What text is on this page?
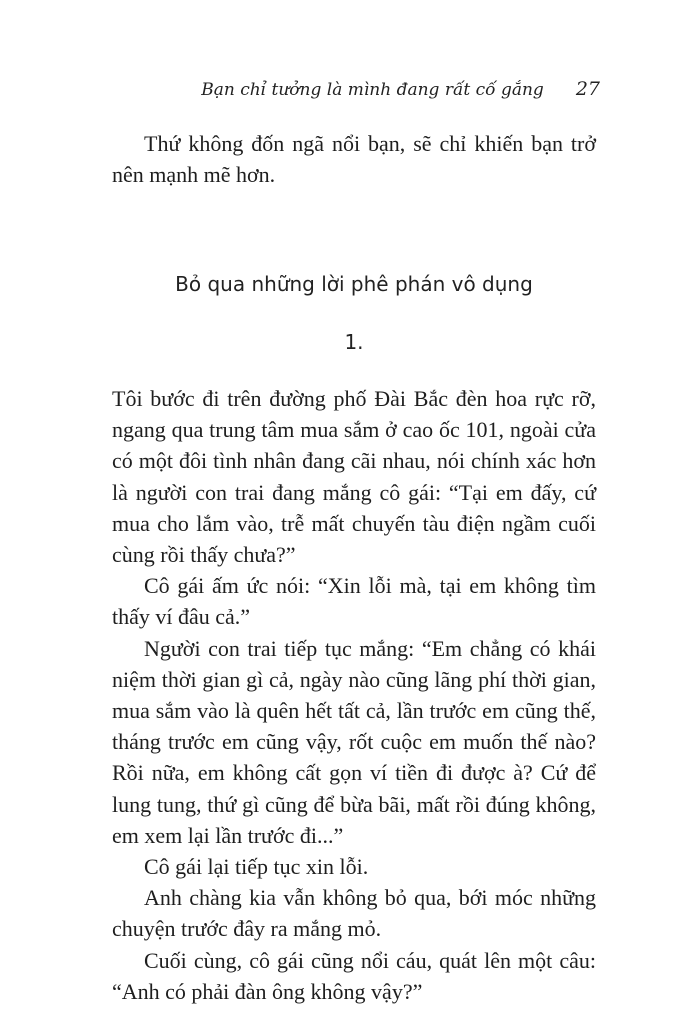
Bạn chỉ tưởng là mình đang rất cố gắng 27

Thứ không đốn ngã nổi bạn, sẽ chỉ khiến bạn trở nên mạnh mẽ hơn.

Bỏ qua những lời phê phán vô dụng
1.

Tôi bước đi trên đường phố Đài Bắc đèn hoa rực rỡ, ngang qua trung tâm mua sắm ở cao ốc 101, ngoài cửa có một đôi tình nhân đang cãi nhau, nói chính xác hơn là người con trai đang mắng cô gái: “Tại em đấy, cứ mua cho lắm vào, trễ mất chuyến tàu điện ngầm cuối cùng rồi thấy chưa?”

Cô gái ấm ức nói: “Xin lỗi mà, tại em không tìm thấy ví đâu cả.”

Người con trai tiếp tục mắng: “Em chẳng có khái niệm thời gian gì cả, ngày nào cũng lãng phí thời gian, mua sắm vào là quên hết tất cả, lần trước em cũng thế, tháng trước em cũng vậy, rốt cuộc em muốn thế nào? Rồi nữa, em không cất gọn ví tiền đi được à? Cứ để lung tung, thứ gì cũng để bừa bãi, mất rồi đúng không, em xem lại lần trước đi...”

Cô gái lại tiếp tục xin lỗi.

Anh chàng kia vẫn không bỏ qua, bới móc những chuyện trước đây ra mắng mỏ.

Cuối cùng, cô gái cũng nổi cáu, quát lên một câu: “Anh có phải đàn ông không vậy?”
